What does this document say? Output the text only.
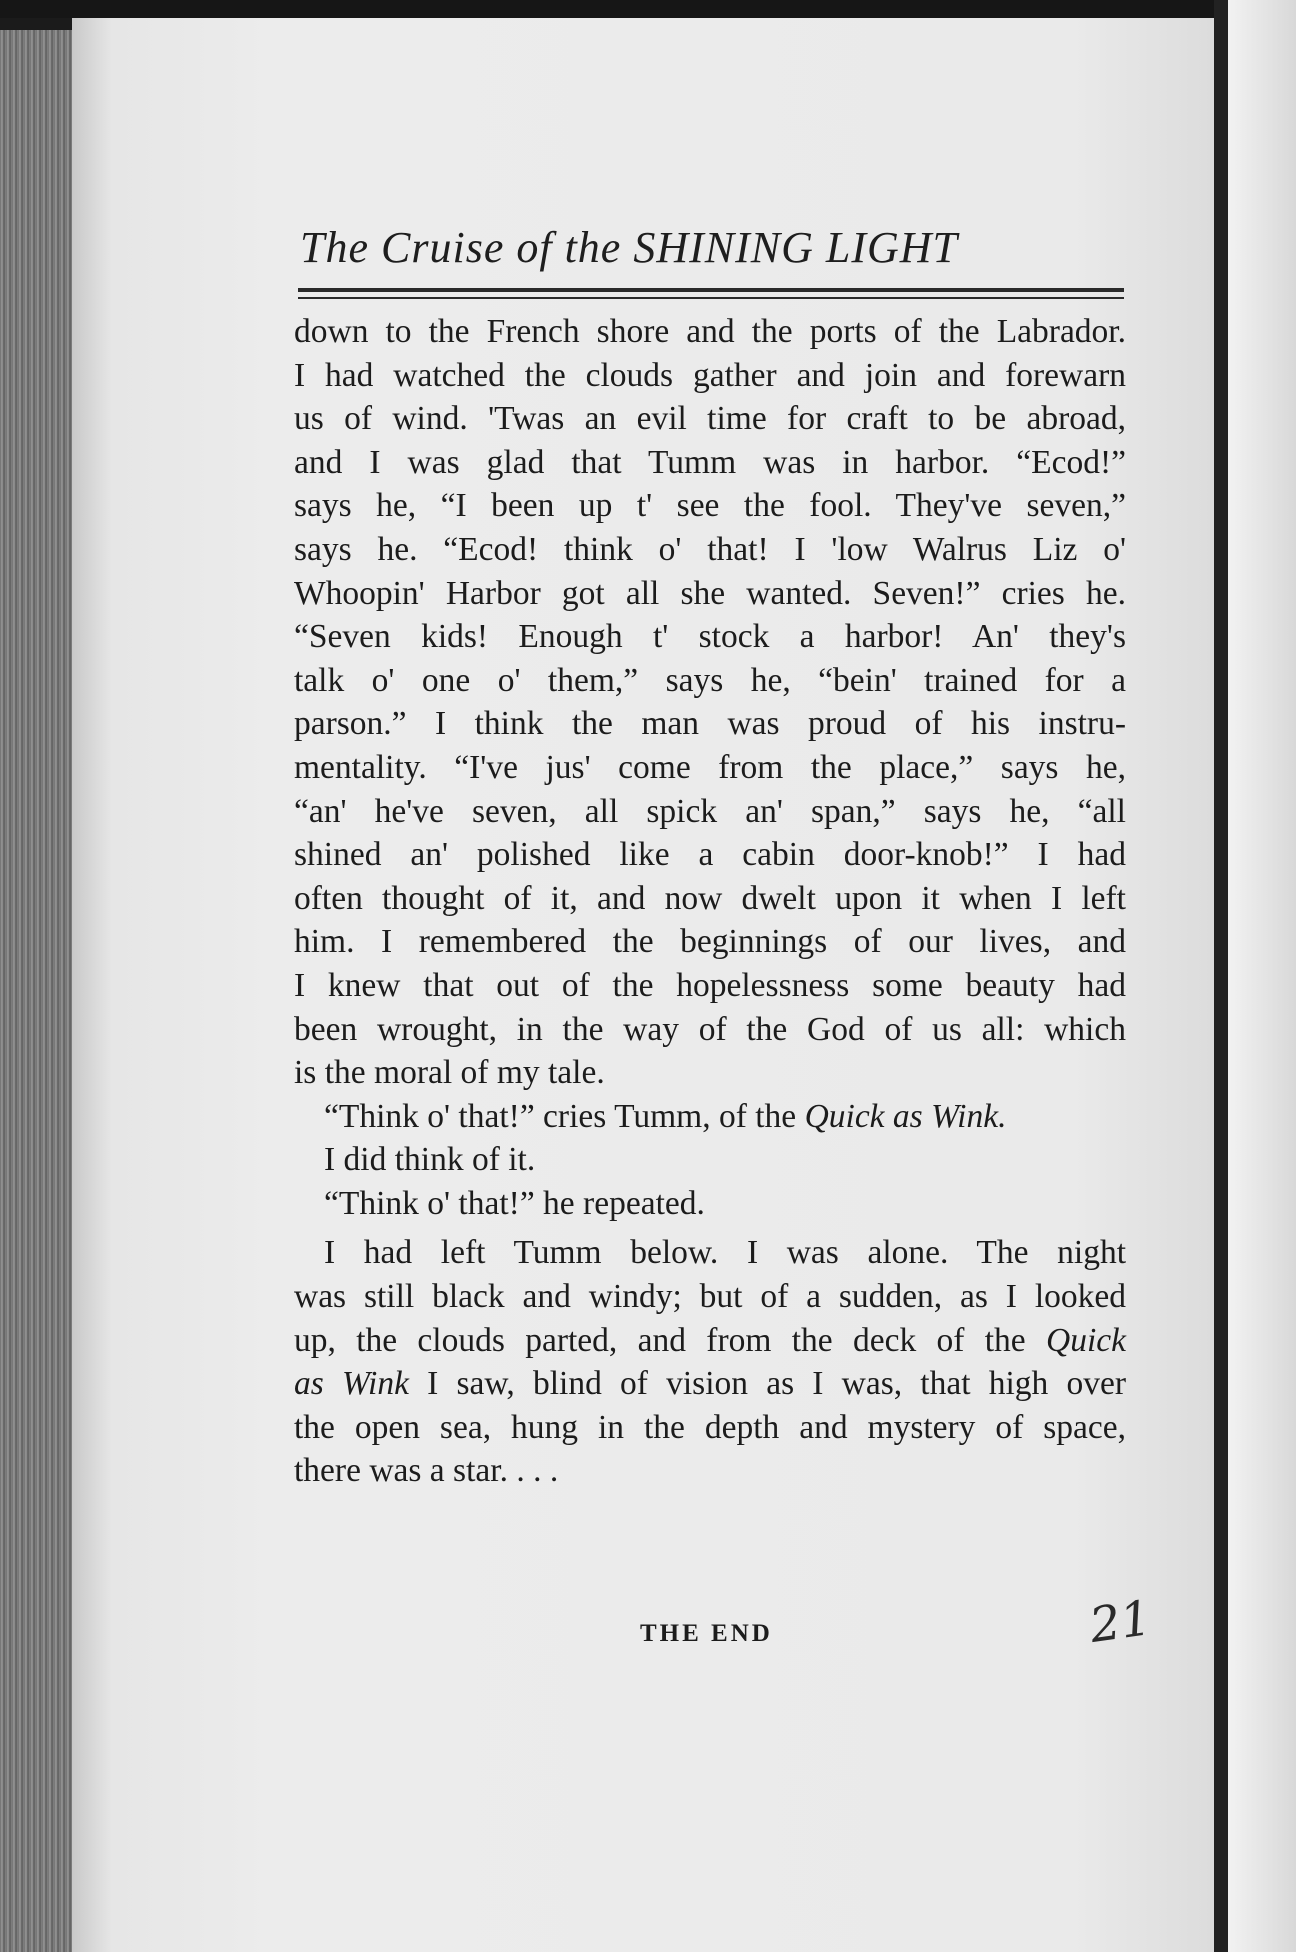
The Cruise of the SHINING LIGHT
down to the French shore and the ports of the Labrador.
I had watched the clouds gather and join and forewarn
us of wind. 'Twas an evil time for craft to be abroad,
and I was glad that Tumm was in harbor. “Ecod!”
says he, “I been up t' see the fool. They've seven,”
says he. “Ecod! think o' that! I 'low Walrus Liz o'
Whoopin' Harbor got all she wanted. Seven!” cries he.
“Seven kids! Enough t' stock a harbor! An' they's
talk o' one o' them,” says he, “bein' trained for a
parson.” I think the man was proud of his instru-
mentality. “I've jus' come from the place,” says he,
“an' he've seven, all spick an' span,” says he, “all
shined an' polished like a cabin door-knob!” I had
often thought of it, and now dwelt upon it when I left
him. I remembered the beginnings of our lives, and
I knew that out of the hopelessness some beauty had
been wrought, in the way of the God of us all: which
is the moral of my tale.
“Think o' that!” cries Tumm, of the Quick as Wink.
I did think of it.
“Think o' that!” he repeated.
I had left Tumm below. I was alone. The night
was still black and windy; but of a sudden, as I looked
up, the clouds parted, and from the deck of the Quick
as Wink I saw, blind of vision as I was, that high over
the open sea, hung in the depth and mystery of space,
there was a star. . . .
THE END	21
